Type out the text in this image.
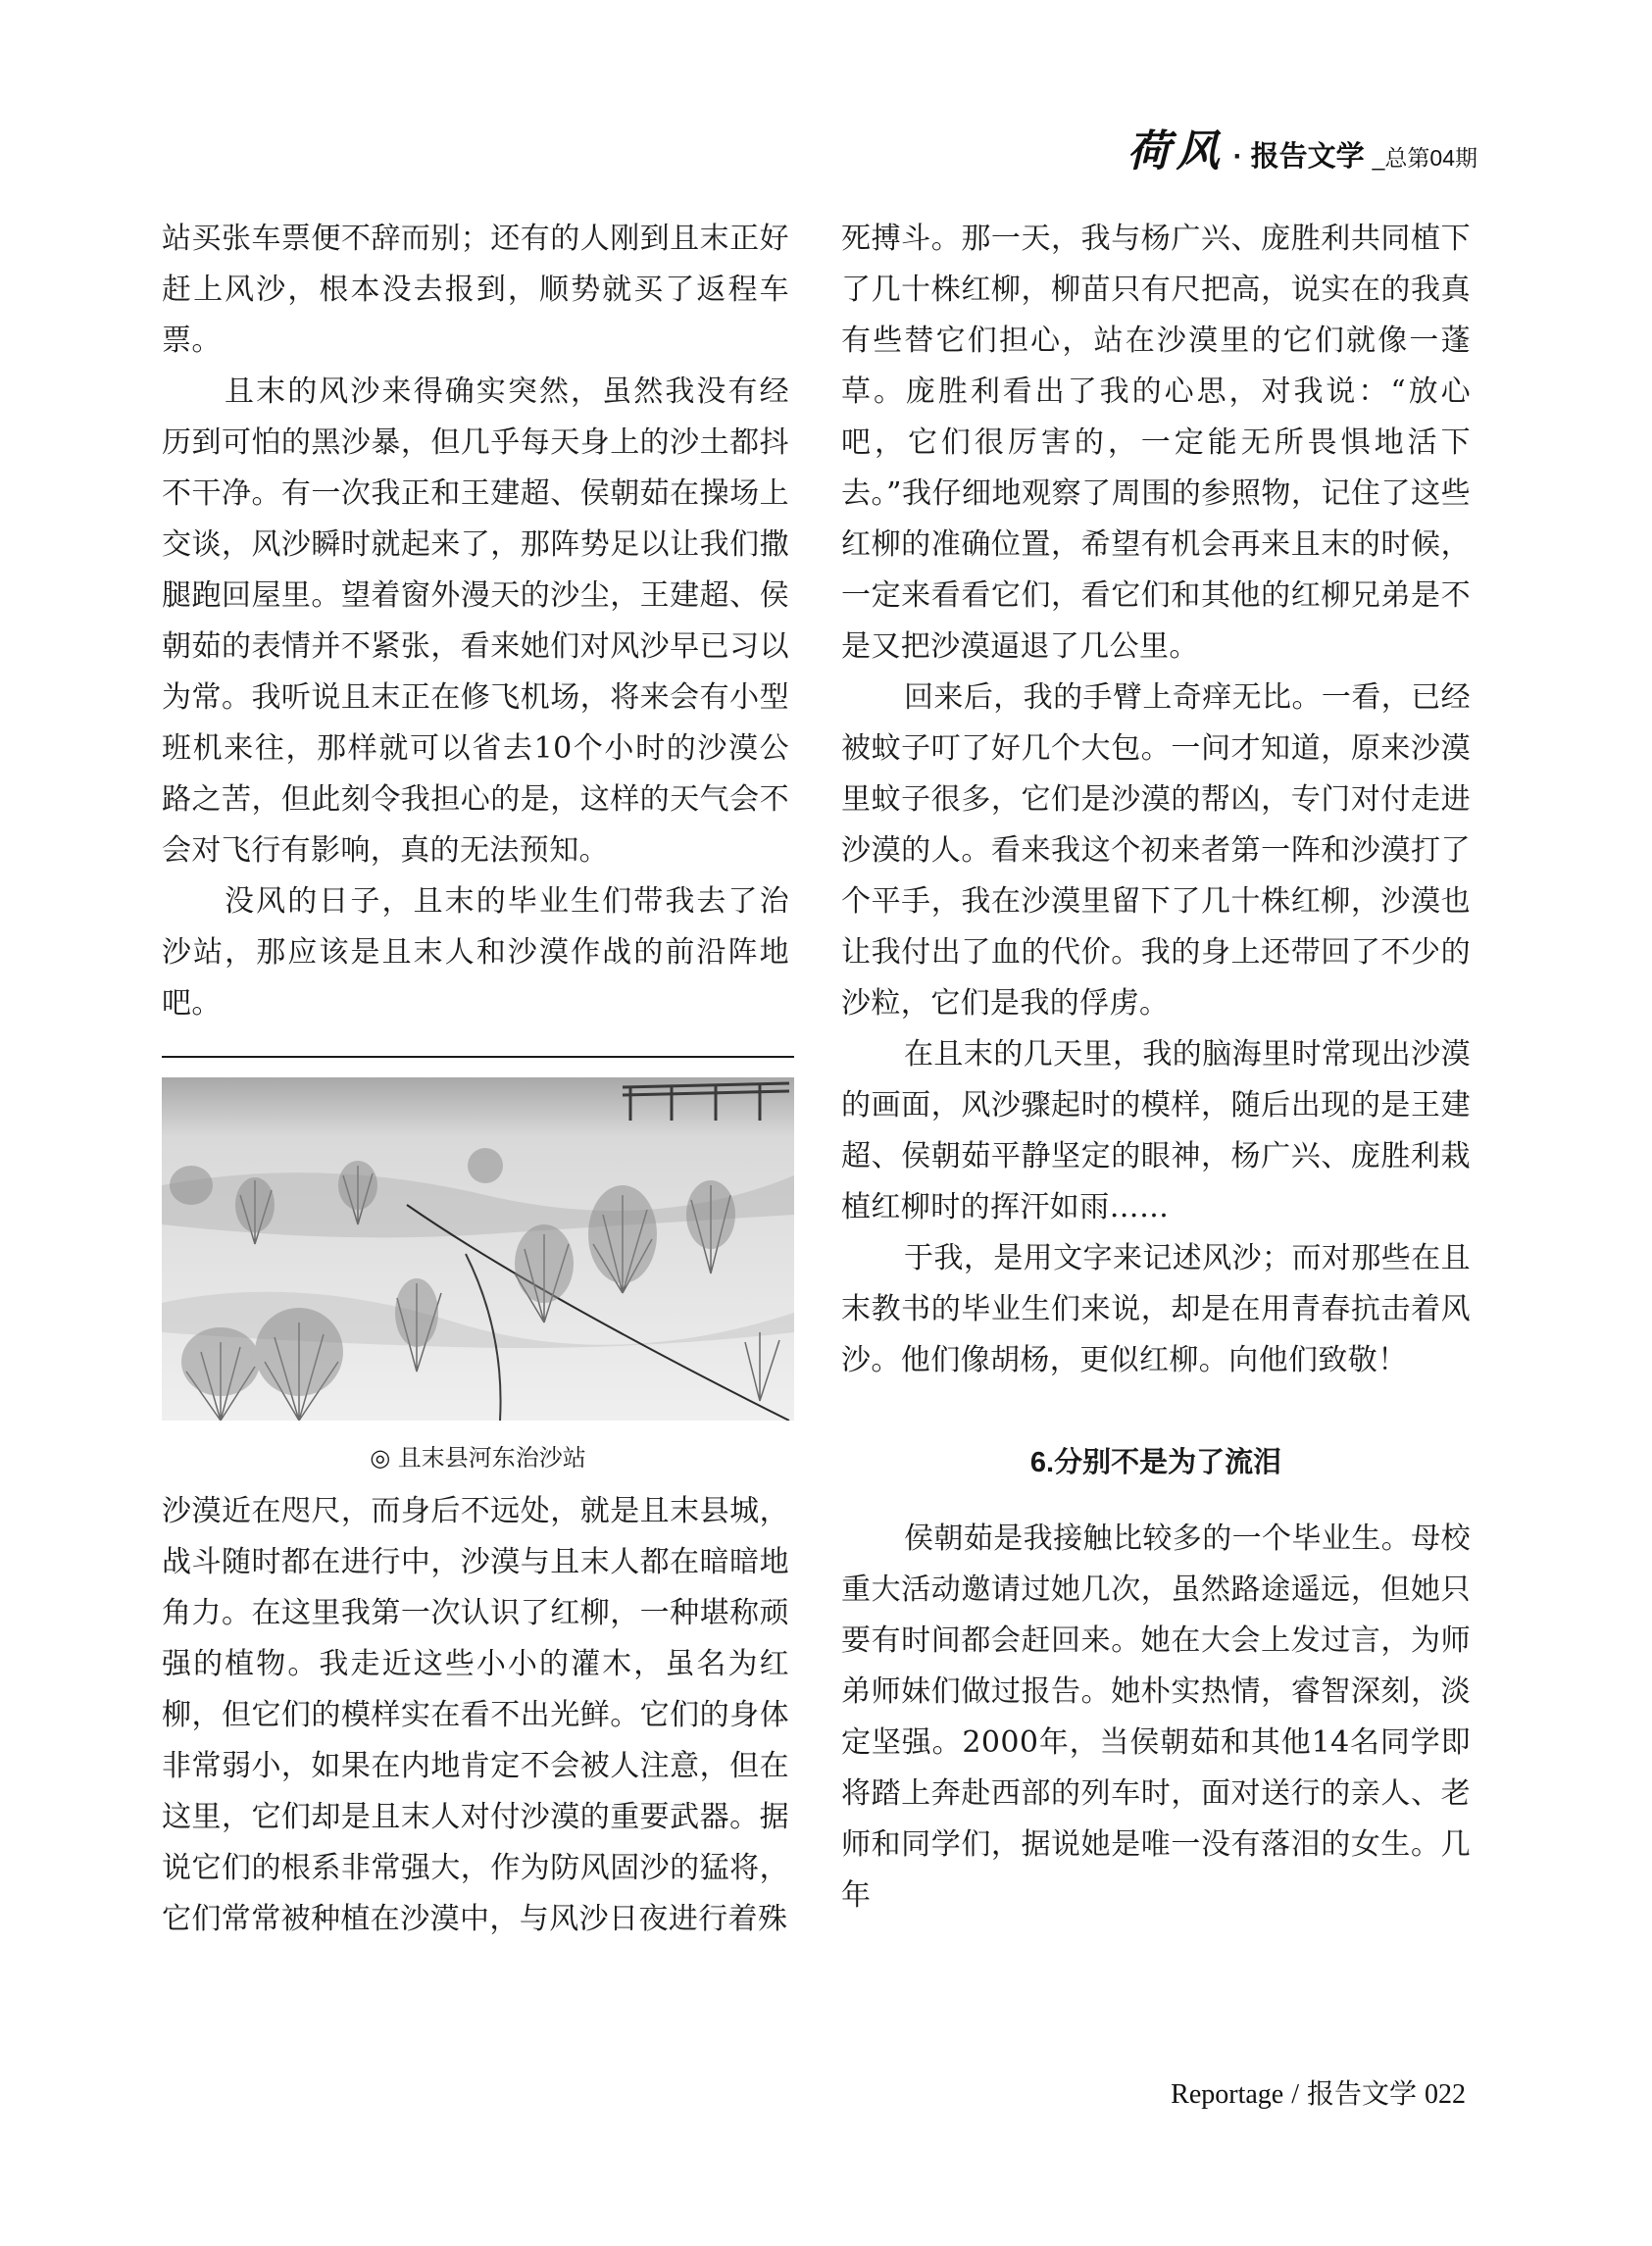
荷风 · 报告文学 _总第04期

站买张车票便不辞而别；还有的人刚到且末正好赶上风沙，根本没去报到，顺势就买了返程车票。

且末的风沙来得确实突然，虽然我没有经历到可怕的黑沙暴，但几乎每天身上的沙土都抖不干净。有一次我正和王建超、侯朝茹在操场上交谈，风沙瞬时就起来了，那阵势足以让我们撒腿跑回屋里。望着窗外漫天的沙尘，王建超、侯朝茹的表情并不紧张，看来她们对风沙早已习以为常。我听说且末正在修飞机场，将来会有小型班机来往，那样就可以省去10个小时的沙漠公路之苦，但此刻令我担心的是，这样的天气会不会对飞行有影响，真的无法预知。

没风的日子，且末的毕业生们带我去了治沙站，那应该是且末人和沙漠作战的前沿阵地吧。

◎ 且末县河东治沙站

沙漠近在咫尺，而身后不远处，就是且末县城，战斗随时都在进行中，沙漠与且末人都在暗暗地角力。在这里我第一次认识了红柳，一种堪称顽强的植物。我走近这些小小的灌木，虽名为红柳，但它们的模样实在看不出光鲜。它们的身体非常弱小，如果在内地肯定不会被人注意，但在这里，它们却是且末人对付沙漠的重要武器。据说它们的根系非常强大，作为防风固沙的猛将，它们常常被种植在沙漠中，与风沙日夜进行着殊

死搏斗。那一天，我与杨广兴、庞胜利共同植下了几十株红柳，柳苗只有尺把高，说实在的我真有些替它们担心，站在沙漠里的它们就像一蓬草。庞胜利看出了我的心思，对我说：“放心吧，它们很厉害的，一定能无所畏惧地活下去。”我仔细地观察了周围的参照物，记住了这些红柳的准确位置，希望有机会再来且末的时候，一定来看看它们，看它们和其他的红柳兄弟是不是又把沙漠逼退了几公里。

回来后，我的手臂上奇痒无比。一看，已经被蚊子叮了好几个大包。一问才知道，原来沙漠里蚊子很多，它们是沙漠的帮凶，专门对付走进沙漠的人。看来我这个初来者第一阵和沙漠打了个平手，我在沙漠里留下了几十株红柳，沙漠也让我付出了血的代价。我的身上还带回了不少的沙粒，它们是我的俘虏。

在且末的几天里，我的脑海里时常现出沙漠的画面，风沙骤起时的模样，随后出现的是王建超、侯朝茹平静坚定的眼神，杨广兴、庞胜利栽植红柳时的挥汗如雨……

于我，是用文字来记述风沙；而对那些在且末教书的毕业生们来说，却是在用青春抗击着风沙。他们像胡杨，更似红柳。向他们致敬！

6.分别不是为了流泪

侯朝茹是我接触比较多的一个毕业生。母校重大活动邀请过她几次，虽然路途遥远，但她只要有时间都会赶回来。她在大会上发过言，为师弟师妹们做过报告。她朴实热情，睿智深刻，淡定坚强。2000年，当侯朝茹和其他14名同学即将踏上奔赴西部的列车时，面对送行的亲人、老师和同学们，据说她是唯一没有落泪的女生。几年

Reportage / 报告文学 022
